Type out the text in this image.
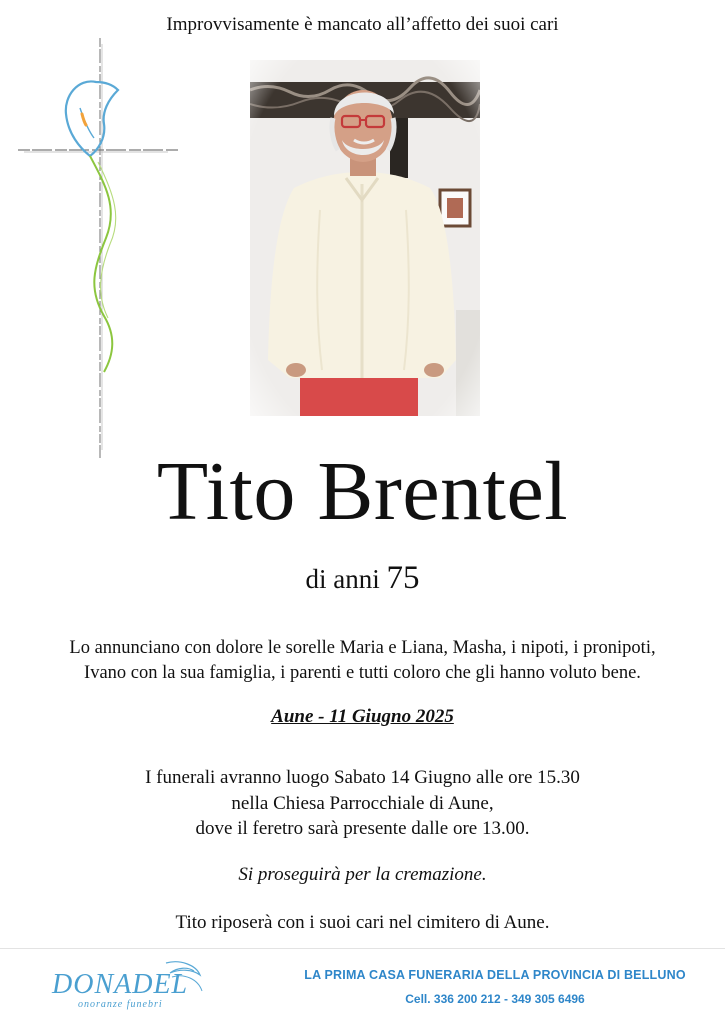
Improvvisamente è mancato all’affetto dei suoi cari
Tito Brentel
di anni 75
Lo annunciano con dolore le sorelle Maria e Liana, Masha, i nipoti, i pronipoti,
Ivano con la sua famiglia, i parenti e tutti coloro che gli hanno voluto bene.
Aune - 11 Giugno 2025
I funerali avranno luogo Sabato 14 Giugno alle ore 15.30
nella Chiesa Parrocchiale di Aune,
dove il feretro sarà presente dalle ore 13.00.
Si proseguirà per la cremazione.
Tito riposerà con i suoi cari nel cimitero di Aune.
DONADEL
onoranze funebri
LA PRIMA CASA FUNERARIA DELLA PROVINCIA DI BELLUNO
Cell. 336 200 212 - 349 305 6496
